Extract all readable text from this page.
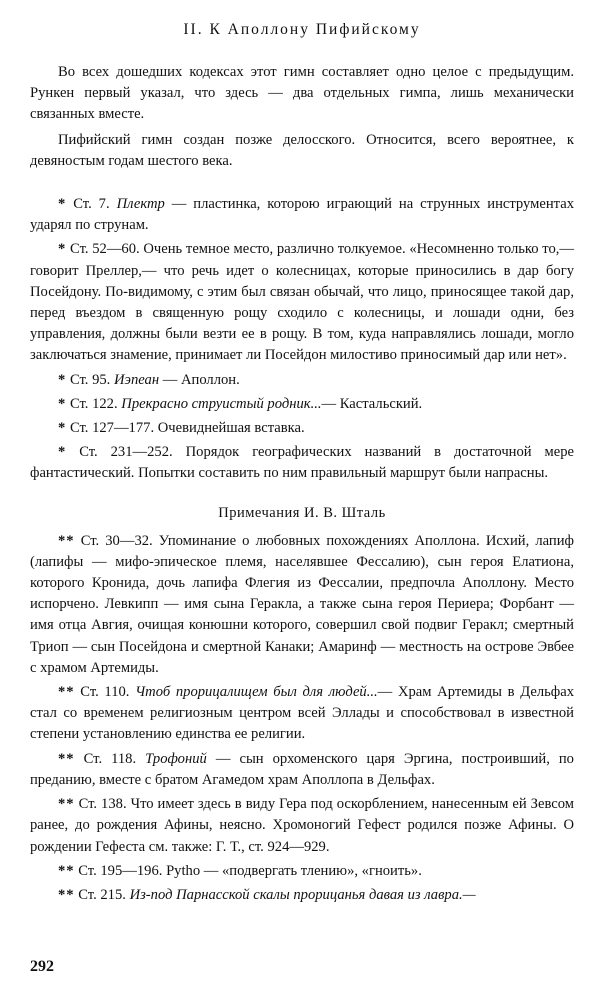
II. К Аполлону Пифийскому

Во всех дошедших кодексах этот гимн составляет одно целое с предыдущим. Рункен первый указал, что здесь — два отдельных гимпа, лишь механически связанных вместе.

Пифийский гимн создан позже делосского. Относится, всего вероятнее, к девяностым годам шестого века.

* Ст. 7. Плектр — пластинка, которою играющий на струнных инструментах ударял по струнам.

* Ст. 52—60. Очень темное место, различно толкуемое. «Несомненно только то,— говорит Преллер,— что речь идет о колесницах, которые приносились в дар богу Посейдону. По-видимому, с этим был связан обычай, что лицо, приносящее такой дар, перед въездом в священную рощу сходило с колесницы, и лошади одни, без управления, должны были везти ее в рощу. В том, куда направлялись лошади, могло заключаться знамение, принимает ли Посейдон милостиво приносимый дар или нет».

* Ст. 95. Иэпеан — Аполлон.

* Ст. 122. Прекрасно струистый родник...— Кастальский.

* Ст. 127—177. Очевиднейшая вставка.

* Ст. 231—252. Порядок географических названий в достаточной мере фантастический. Попытки составить по ним правильный маршрут были напрасны.

Примечания И. В. Шталь

** Ст. 30—32. Упоминание о любовных похождениях Аполлона. Исхий, лапиф (лапифы — мифо-эпическое племя, населявшее Фессалию), сын героя Елатиона, которого Кронида, дочь лапифа Флегия из Фессалии, предпочла Аполлону. Место испорчено. Левкипп — имя сына Геракла, а также сына героя Периера; Форбант — имя отца Авгия, очищая конюшни которого, совершил свой подвиг Геракл; смертный Триоп — сын Посейдона и смертной Канаки; Амаринф — местность на острове Эвбее с храмом Артемиды.

** Ст. 110. Чтоб прорицалищем был для людей...— Храм Артемиды в Дельфах стал со временем религиозным центром всей Эллады и способствовал в известной степени установлению единства ее религии.

** Ст. 118. Трофоний — сын орхоменского царя Эргина, построивший, по преданию, вместе с братом Агамедом храм Аполлопа в Дельфах.

** Ст. 138. Что имеет здесь в виду Гера под оскорблением, нанесенным ей Зевсом ранее, до рождения Афины, неясно. Хромоногий Гефест родился позже Афины. О рождении Гефеста см. также: Г. Т., ст. 924—929.

** Ст. 195—196. Pytho — «подвергать тлению», «гноить».

** Ст. 215. Из-под Парнасской скалы прорицанья давая из лавра.—

292
